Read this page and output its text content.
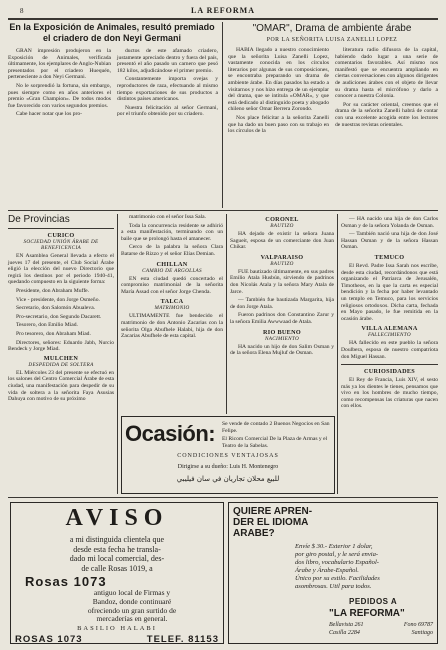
8	LA REFORMA
En la Exposición de Animales, resultó premiado el criadero de don Neyi Germani

GRAN impresión produjeron en la Exposición de Animales, verificada últimamente, los ejemplares de Anglo-Nubian presentados por el criadero Huequén, perteneciente a don Neyi Germani.

No le sorprendió la fortuna, sin embargo, pues siempre como en años anteriores el premio «Gran Champion». De todos modos fue favorecido con varios segundos premios.

Cabe hacer notar que los pro-

ductos de este afamado criadero, justamente apreciado dentro y fuera del país, presentó el año pasado un carnero que pesó 182 kilos, adjudicándose el primer premio.

Constantemente importa ovejas y reproductores de raza, efectuando al mismo tiempo exportaciones de sus productos a distintos países americanos.

Nuestra felicitación al señor Germani, por el triunfo obtenido por su criadero.

"OMAR", Drama de ambiente árabe
POR LA SEÑORITA LUISA ZANELLI LOPEZ

HABIA llegado a nuestro conocimiento que la señorita Luisa Zanelli Lopez, vastamente conocida en los círculos literarios por algunas de sus composiciones, se encontraba preparando un drama de ambiente árabe. En días pasados ha estado a visitarnos y nos hizo entrega de un ejemplar del drama, que se intitula «OMAR», y que está dedicado al distinguido poeta y abogado chileno señor Omar Berrera Zorondo.

Nos place felicitar a la señorita Zanelli que ha dado un buen paso con su trabajo en los círculos de la

literatura radio difusora de la capital, habiendo dado lugar a una serie de comentarios favorables. Así mismo nos manifestó que se encuentra ampliando en ciertas conversaciones con algunos dirigentes de audiciones árabes con el objeto de llevar su drama hasta el micrófono y darlo a conocer a nuestra Colonia.

Por su carácter oriental, creemos que el drama de la señorita Zanelli habrá de contar con una excelente acogida entre los lectores de nuestras revistas orientales.

De Provincias
CURICO
SOCIEDAD UNIÓN ÁRABE DE BENEFICENCIA

EN Asamblea General llevada a efecto el jueves 17 del presente, el Club Social Árabe eligió la elección del nuevo Directorio que regirá los destinos por el periodo 1940-41, quedando compuesto en la siguiente forma:

Presidente, don Abraham Muffe.

Vice - presidente, don Jorge Osmeño.

Secretario, don Salomón Abualeva.

Pro-secretario, don Segundo Dacarett.

Tesorero, don Emilio Miad.

Pro tesorero, don Abraham Miad.

Directores, señores: Eduardo Jabh, Nurcio Bendeck y Jorge Miad.

MULCHEN
DESPEDIDA DE SOLTERA

EL Miércoles 23 del presente se efectuó en los salones del Centro Comercial Árabe de esta ciudad, una manifestación para despedir de su vida de soltera a la señorita Faya Asusias Dahuya con motivo de su próximo

matrimonio con el señor Issa Sala.

Toda la concurrencia residente se adhirió a esta manifestación, terminando con un baile que se prolongó hasta el amanecer.

Cerco de la palabra la señora Clara Batarse de Rizzo y el señor Elías Demian.

CHILLAN
CAMBIO DE ARGOLLAS

EN esta ciudad quedó concertado el compromiso matrimonial de la señorita María Assad con el señor Jorge Chenda.

TALCA
MATRIMONIO

ULTIMAMENTE fue bendecido el matrimonio de don Antonio Zacarias con la señorita Olga Abufhele Halabi, hija de don Zacarias Abufhele de esta capital.

CORONEL
BAUTIZO

HA dejado de existir la señora Juana Sagueit, esposa de un comerciante don Juan Chikar.

VALPARAISO
BAUTIZO

FUE bautizado últimamente, en sus padres Emilio Atala Husbún, sirviendo de padrinos don Nicolás Atala y la señora Mary Atala de Jarce.

— También fue bautizada Margarita, hija de don Jorge Atala.

Fueron padrinos don Constantino Zarur y la señora Emilia Awwwaad de Atala.

RIO BUENO
NACIMIENTO

HA nacido un hijo de don Salim Osman y de la señora Elena Mujluf de Osman.

— HA nacido una hija de don Carlos Osman y de la señora Yolanda de Osman.

— También nació una hija de don José Hassan Osman y de la señora Hassan Osman.

TEMUCO

El Revd. Padre Issa Sarah nos escribe, desde esta ciudad, recordándonos que está organizando el Patriarca de Jerusalén, Timotheos, en la que la carta es especial bendición y la fecha por haber levantado un templo en Temuco, para los servicios religiosos ortodoxos. Dicha carta, fechada en Mayo pasado, le fue remitida en la ocasión árabe.

VILLA ALEMANA
FALLECIMIENTO

HA fallecido en este pueblo la señora Doulbera, esposa de nuestro compatriota don Miguel Hassan.

CURIOSIDADES

El Rey de Francia, Luis XIV, el sesto más ya los dientes le tienes, pensamos que vivo en los hombres de mucho tiempo, como recompensas las criaturas que nacen con ellos.

Ocasión: Se vende de contado 2 Buenos Negocios en San Felipe.

El Ricom Comercial De la Plaza de Armas y el Teatro de la Sabelas.

CONDICIONES VENTAJOSAS
Dirigirse a su dueño: Luis H. Montenegro
للبيع محلان تجاريان في سان فيليبي
AVISO
a mi distinguida clientela que
desde esta fecha he transla-
dado mi local comercial, des-
de calle Rosas 1019, a
Rosas 1073
antiguo local de Firmas y
Bandoz, donde continuaré
ofreciendo un gran surtido de
mercaderías en general.
BASILIO HALABI
ROSAS 1073	TELEF. 81153
QUIERE APREN-
DER EL IDIOMA
ARABE?
Envíe $ 30.- Exterior 1 dolar,
por giro postal, y le será envia-
dos libro, vocabulario Español-
Árabe y Árabe-Español.
Único por su estilo. Facilidades
asombrosas. Util para todos.
PEDIDOS A
"LA REFORMA"
Bellavista 261	Fono 69787
Casilla 2284	Santiago
